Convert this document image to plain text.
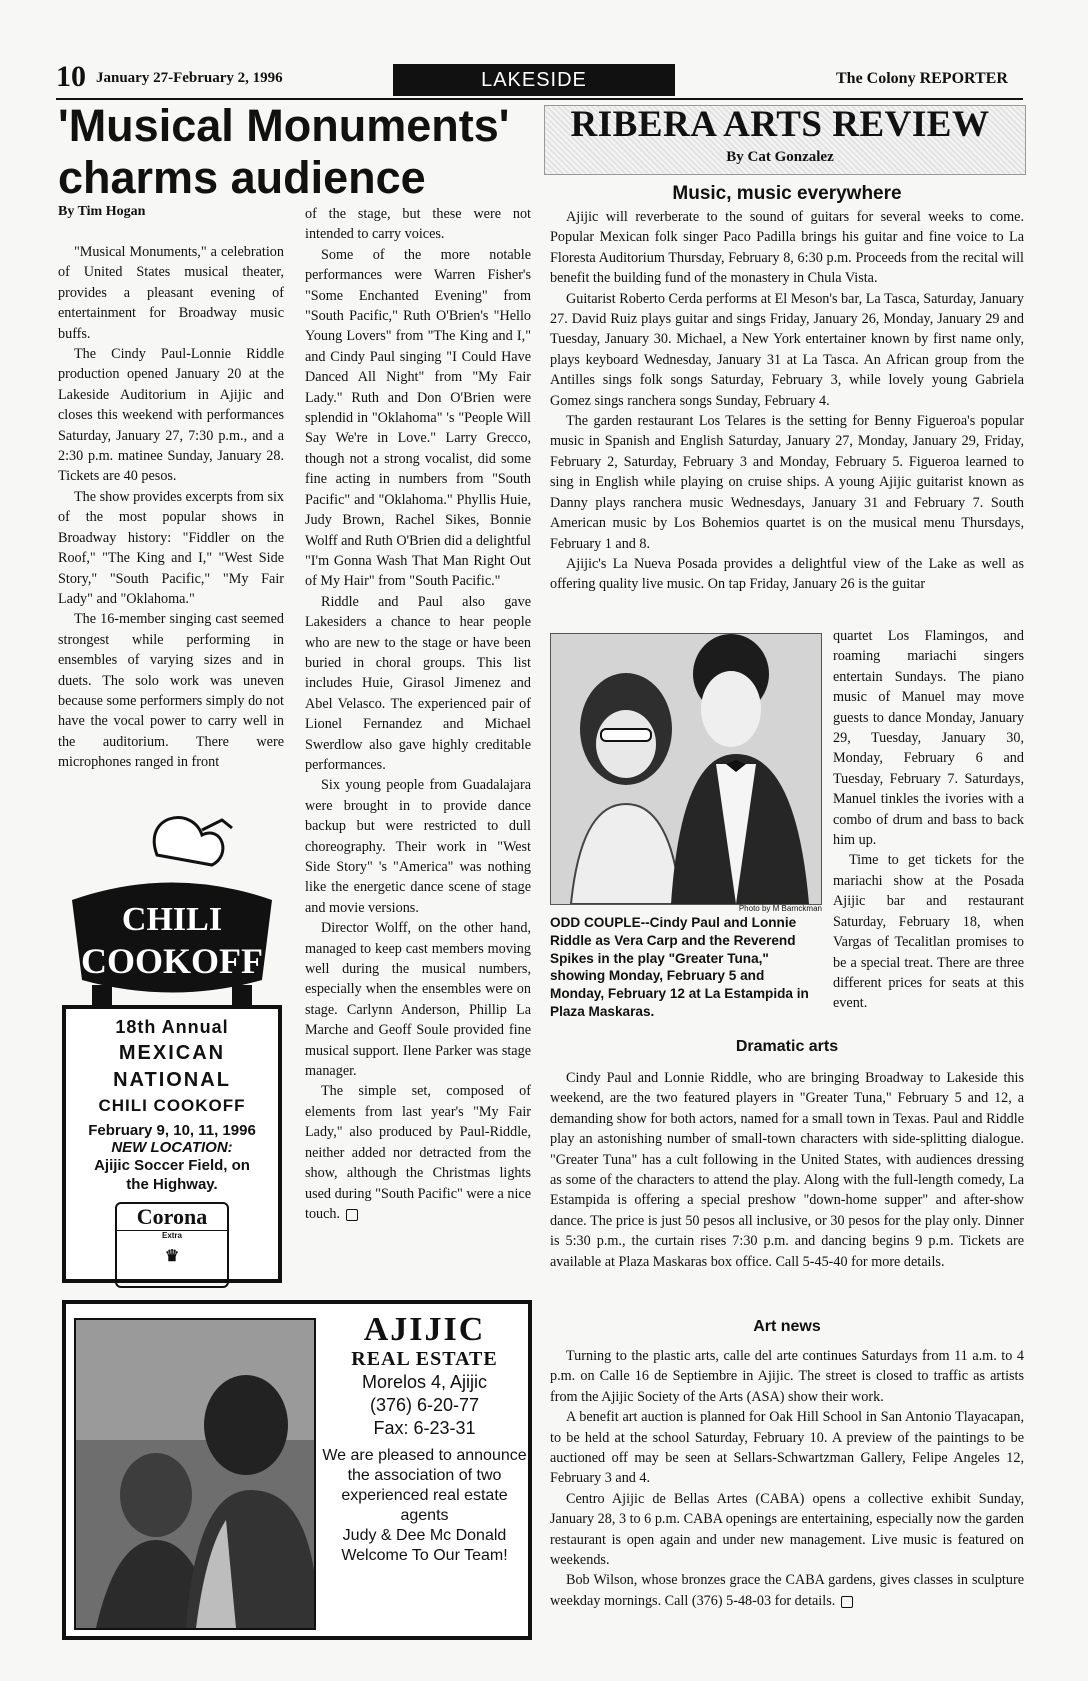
10 January 27-February 2, 1996	LAKESIDE	The Colony REPORTER
'Musical Monuments' charms audience
By Tim Hogan

"Musical Monuments," a celebration of United States musical theater, provides a pleasant evening of entertainment for Broadway music buffs.

The Cindy Paul-Lonnie Riddle production opened January 20 at the Lakeside Auditorium in Ajijic and closes this weekend with performances Saturday, January 27, 7:30 p.m., and a 2:30 p.m. matinee Sunday, January 28. Tickets are 40 pesos.

The show provides excerpts from six of the most popular shows in Broadway history: "Fiddler on the Roof," "The King and I," "West Side Story," "South Pacific," "My Fair Lady" and "Oklahoma."

The 16-member singing cast seemed strongest while performing in ensembles of varying sizes and in duets. The solo work was uneven because some performers simply do not have the vocal power to carry well in the auditorium. There were microphones ranged in front

of the stage, but these were not intended to carry voices.

Some of the more notable performances were Warren Fisher's "Some Enchanted Evening" from "South Pacific," Ruth O'Brien's "Hello Young Lovers" from "The King and I," and Cindy Paul singing "I Could Have Danced All Night" from "My Fair Lady." Ruth and Don O'Brien were splendid in "Oklahoma" 's "People Will Say We're in Love." Larry Grecco, though not a strong vocalist, did some fine acting in numbers from "South Pacific" and "Oklahoma." Phyllis Huie, Judy Brown, Rachel Sikes, Bonnie Wolff and Ruth O'Brien did a delightful "I'm Gonna Wash That Man Right Out of My Hair" from "South Pacific."

Riddle and Paul also gave Lakesiders a chance to hear people who are new to the stage or have been buried in choral groups. This list includes Huie, Girasol Jimenez and Abel Velasco. The experienced pair of Lionel Fernandez and Michael Swerdlow also gave highly creditable performances.

Six young people from Guadalajara were brought in to provide dance backup but were restricted to dull choreography. Their work in "West Side Story" 's "America" was nothing like the energetic dance scene of stage and movie versions.

Director Wolff, on the other hand, managed to keep cast members moving well during the musical numbers, especially when the ensembles were on stage. Carlynn Anderson, Phillip La Marche and Geoff Soule provided fine musical support. Ilene Parker was stage manager.

The simple set, composed of elements from last year's "My Fair Lady," also produced by Paul-Riddle, neither added nor detracted from the show, although the Christmas lights used during "South Pacific" were a nice touch.

CHILI
COOKOFF
18th Annual
MEXICAN
NATIONAL
CHILI COOKOFF
February 9, 10, 11, 1996
NEW LOCATION:
Ajijic Soccer Field, on the Highway.
Corona
Extra
♛
AJIJIC
REAL ESTATE
Morelos 4, Ajijic
(376) 6-20-77
Fax: 6-23-31
We are pleased to announce the association of two experienced real estate agents
Judy & Dee Mc Donald
Welcome To Our Team!
RIBERA ARTS REVIEW
By Cat Gonzalez
Music, music everywhere

Ajijic will reverberate to the sound of guitars for several weeks to come. Popular Mexican folk singer Paco Padilla brings his guitar and fine voice to La Floresta Auditorium Thursday, February 8, 6:30 p.m. Proceeds from the recital will benefit the building fund of the monastery in Chula Vista.

Guitarist Roberto Cerda performs at El Meson's bar, La Tasca, Saturday, January 27. David Ruiz plays guitar and sings Friday, January 26, Monday, January 29 and Tuesday, January 30. Michael, a New York entertainer known by first name only, plays keyboard Wednesday, January 31 at La Tasca. An African group from the Antilles sings folk songs Saturday, February 3, while lovely young Gabriela Gomez sings ranchera songs Sunday, February 4.

The garden restaurant Los Telares is the setting for Benny Figueroa's popular music in Spanish and English Saturday, January 27, Monday, January 29, Friday, February 2, Saturday, February 3 and Monday, February 5. Figueroa learned to sing in English while playing on cruise ships. A young Ajijic guitarist known as Danny plays ranchera music Wednesdays, January 31 and February 7. South American music by Los Bohemios quartet is on the musical menu Thursdays, February 1 and 8.

Ajijic's La Nueva Posada provides a delightful view of the Lake as well as offering quality live music. On tap Friday, January 26 is the guitar

Photo by M Barnckman
ODD COUPLE--Cindy Paul and Lonnie Riddle as Vera Carp and the Reverend Spikes in the play "Greater Tuna," showing Monday, February 5 and Monday, February 12 at La Estampida in Plaza Maskaras.

quartet Los Flamingos, and roaming mariachi singers entertain Sundays. The piano music of Manuel may move guests to dance Monday, January 29, Tuesday, January 30, Monday, February 6 and Tuesday, February 7. Saturdays, Manuel tinkles the ivories with a combo of drum and bass to back him up.

Time to get tickets for the mariachi show at the Posada Ajijic bar and restaurant Saturday, February 18, when Vargas of Tecalitlan promises to be a special treat. There are three different prices for seats at this event.

Dramatic arts

Cindy Paul and Lonnie Riddle, who are bringing Broadway to Lakeside this weekend, are the two featured players in "Greater Tuna," February 5 and 12, a demanding show for both actors, named for a small town in Texas. Paul and Riddle play an astonishing number of small-town characters with side-splitting dialogue. "Greater Tuna" has a cult following in the United States, with audiences dressing as some of the characters to attend the play. Along with the full-length comedy, La Estampida is offering a special preshow "down-home supper" and after-show dance. The price is just 50 pesos all inclusive, or 30 pesos for the play only. Dinner is 5:30 p.m., the curtain rises 7:30 p.m. and dancing begins 9 p.m. Tickets are available at Plaza Maskaras box office. Call 5-45-40 for more details.

Art news

Turning to the plastic arts, calle del arte continues Saturdays from 11 a.m. to 4 p.m. on Calle 16 de Septiembre in Ajijic. The street is closed to traffic as artists from the Ajijic Society of the Arts (ASA) show their work.

A benefit art auction is planned for Oak Hill School in San Antonio Tlayacapan, to be held at the school Saturday, February 10. A preview of the paintings to be auctioned off may be seen at Sellars-Schwartzman Gallery, Felipe Angeles 12, February 3 and 4.

Centro Ajijic de Bellas Artes (CABA) opens a collective exhibit Sunday, January 28, 3 to 6 p.m. CABA openings are entertaining, especially now the garden restaurant is open again and under new management. Live music is featured on weekends.

Bob Wilson, whose bronzes grace the CABA gardens, gives classes in sculpture weekday mornings. Call (376) 5-48-03 for details.
